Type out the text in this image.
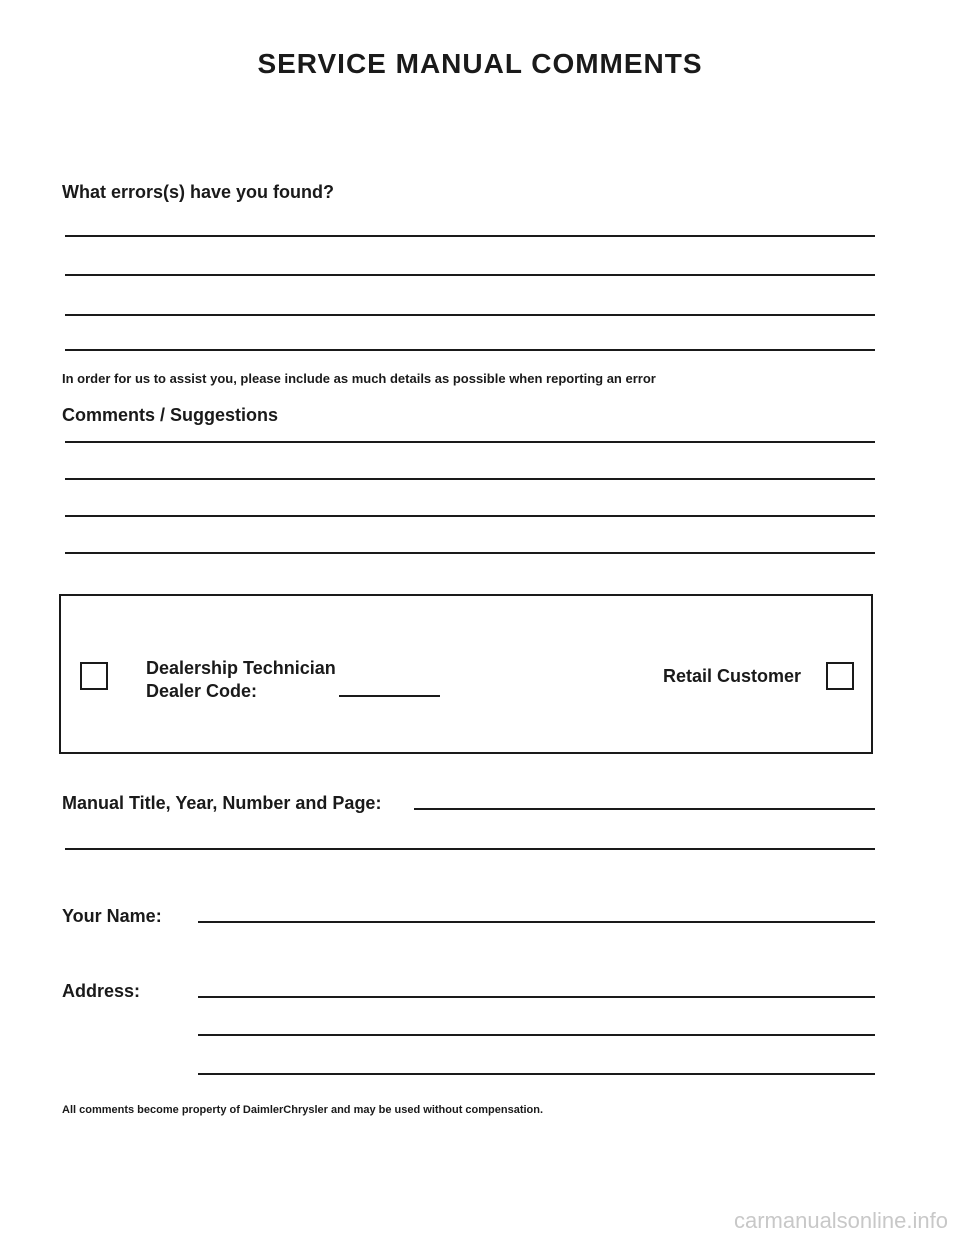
SERVICE MANUAL COMMENTS
What errors(s) have you found?
In order for us to assist you, please include as much details as possible when reporting an error
Comments / Suggestions
Dealership Technician
Dealer Code:
Retail Customer
Manual Title, Year, Number and Page:
Your Name:
Address:
All comments become property of DaimlerChrysler and may be used without compensation.
carmanualsonline.info
